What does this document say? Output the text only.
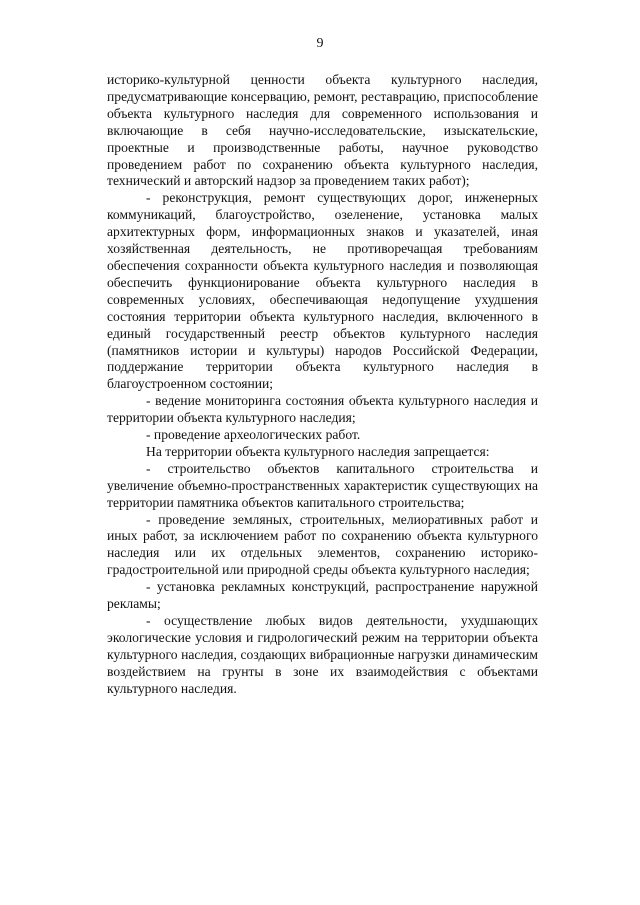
9

историко-культурной ценности объекта культурного наследия, предусматривающие консервацию, ремонт, реставрацию, приспособление объекта культурного наследия для современного использования и включающие в себя научно-исследовательские, изыскательские, проектные и производственные работы, научное руководство проведением работ по сохранению объекта культурного наследия, технический и авторский надзор за проведением таких работ);

- реконструкция, ремонт существующих дорог, инженерных коммуникаций, благоустройство, озеленение, установка малых архитектурных форм, информационных знаков и указателей, иная хозяйственная деятельность, не противоречащая требованиям обеспечения сохранности объекта культурного наследия и позволяющая обеспечить функционирование объекта культурного наследия в современных условиях, обеспечивающая недопущение ухудшения состояния территории объекта культурного наследия, включенного в единый государственный реестр объектов культурного наследия (памятников истории и культуры) народов Российской Федерации, поддержание территории объекта культурного наследия в благоустроенном состоянии;

- ведение мониторинга состояния объекта культурного наследия и территории объекта культурного наследия;

- проведение археологических работ.

На территории объекта культурного наследия запрещается:

- строительство объектов капитального строительства и увеличение объемно-пространственных характеристик существующих на территории памятника объектов капитального строительства;

- проведение земляных, строительных, мелиоративных работ и иных работ, за исключением работ по сохранению объекта культурного наследия или их отдельных элементов, сохранению историко-градостроительной или природной среды объекта культурного наследия;

- установка рекламных конструкций, распространение наружной рекламы;

- осуществление любых видов деятельности, ухудшающих экологические условия и гидрологический режим на территории объекта культурного наследия, создающих вибрационные нагрузки динамическим воздействием на грунты в зоне их взаимодействия с объектами культурного наследия.
